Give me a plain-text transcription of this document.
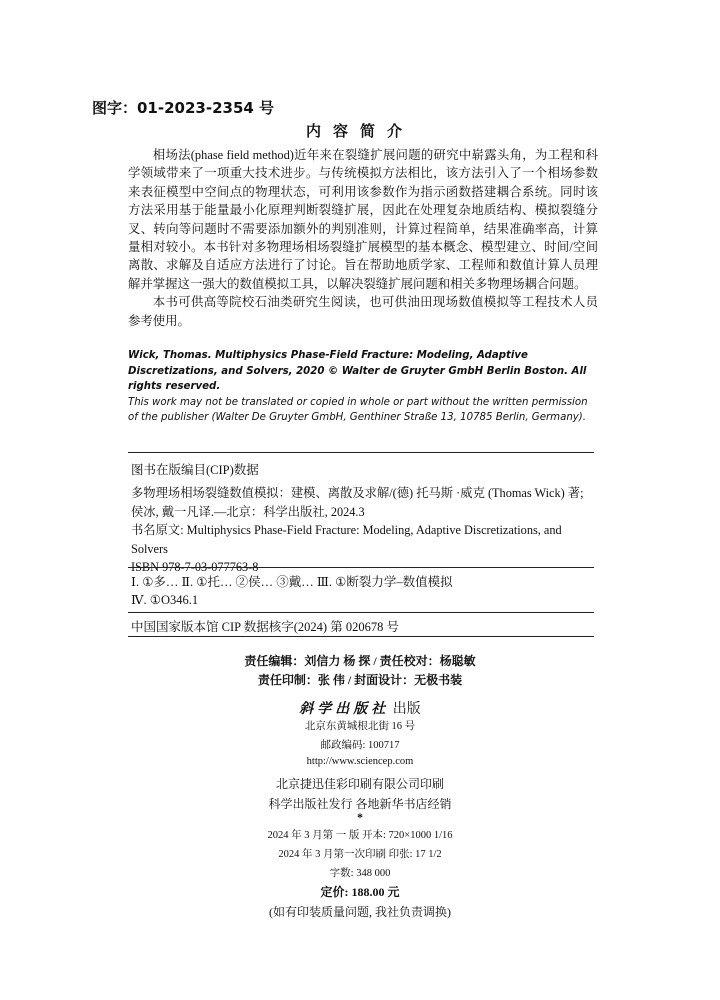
图字：01-2023-2354 号
内容简介

相场法(phase field method)近年来在裂缝扩展问题的研究中崭露头角，为工程和科学领域带来了一项重大技术进步。与传统模拟方法相比，该方法引入了一个相场参数来表征模型中空间点的物理状态，可利用该参数作为指示函数搭建耦合系统。同时该方法采用基于能量最小化原理判断裂缝扩展，因此在处理复杂地质结构、模拟裂缝分叉、转向等问题时不需要添加额外的判别准则，计算过程简单，结果准确率高，计算量相对较小。本书针对多物理场相场裂缝扩展模型的基本概念、模型建立、时间/空间离散、求解及自适应方法进行了讨论。旨在帮助地质学家、工程师和数值计算人员理解并掌握这一强大的数值模拟工具，以解决裂缝扩展问题和相关多物理场耦合问题。

本书可供高等院校石油类研究生阅读，也可供油田现场数值模拟等工程技术人员参考使用。

Wick, Thomas. Multiphysics Phase-Field Fracture: Modeling, Adaptive Discretizations, and Solvers, 2020 © Walter de Gruyter GmbH Berlin Boston. All rights reserved.
This work may not be translated or copied in whole or part without the written permission of the publisher (Walter De Gruyter GmbH, Genthiner Straße 13, 10785 Berlin, Germany).
图书在版编目(CIP)数据
多物理场相场裂缝数值模拟：建模、离散及求解/(德) 托马斯 ·威克 (Thomas Wick) 著; 侯冰, 戴一凡译.—北京：科学出版社, 2024.3
书名原文: Multiphysics Phase-Field Fracture: Modeling, Adaptive Discretizations, and Solvers
ISBN 978-7-03-077763-8
Ⅰ. ①多… Ⅱ. ①托… ②侯… ③戴… Ⅲ. ①断裂力学–数值模拟
Ⅳ. ①O346.1
中国国家版本馆 CIP 数据核字(2024) 第 020678 号
责任编辑：刘信力 杨 探 / 责任校对：杨聪敏
责任印制：张 伟 / 封面设计：无极书装
斜学出版社 出版
北京东黄城根北街 16 号
邮政编码: 100717
http://www.sciencep.com
北京捷迅佳彩印刷有限公司印刷
科学出版社发行 各地新华书店经销
*
2024 年 3 月第 一 版 开本: 720×1000 1/16
2024 年 3 月第一次印刷 印张: 17 1/2
字数: 348 000
定价: 188.00 元
(如有印装质量问题, 我社负责调换)
